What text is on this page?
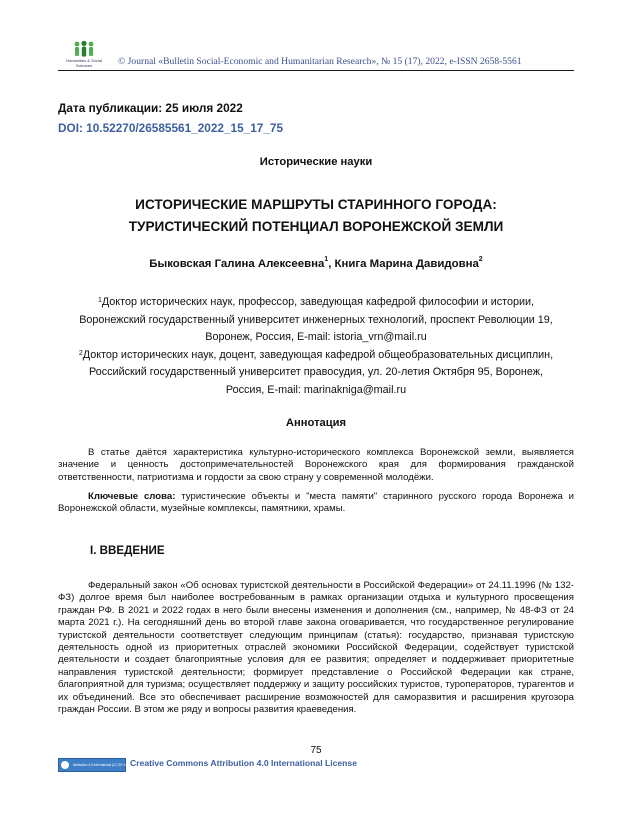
Humanities & Social
Sciences	© Journal «Bulletin Social-Economic and Humanitarian Research», № 15 (17), 2022, e-ISSN 2658-5561
Дата публикации: 25 июля 2022
DOI: 10.52270/26585561_2022_15_17_75
Исторические науки
ИСТОРИЧЕСКИЕ МАРШРУТЫ СТАРИННОГО ГОРОДА:
ТУРИСТИЧЕСКИЙ ПОТЕНЦИАЛ ВОРОНЕЖСКОЙ ЗЕМЛИ
Быковская Галина Алексеевна$^1$, Книга Марина Давидовна$^2$
$^1$Доктор исторических наук, профессор, заведующая кафедрой философии и истории,
Воронежский государственный университет инженерных технологий, проспект Революции 19,
Воронеж, Россия, E-mail: istoria_vrn@mail.ru
$^2$Доктор исторических наук, доцент, заведующая кафедрой общеобразовательных дисциплин,
Российский государственный университет правосудия, ул. 20-летия Октября 95, Воронеж,
Россия, E-mail: marinakniga@mail.ru
Аннотация
В статье даётся характеристика культурно-исторического комплекса Воронежской земли, выявляется значение и ценность достопримечательностей Воронежского края для формирования гражданской ответственности, патриотизма и гордости за свою страну у современной молодёжи.
Ключевые слова: туристические объекты и "места памяти" старинного русского города Воронежа и Воронежской области, музейные комплексы, памятники, храмы.
I. ВВЕДЕНИЕ
Федеральный закон «Об основах туристской деятельности в Российской Федерации» от 24.11.1996 (№ 132-ФЗ) долгое время был наиболее востребованным в рамках организации отдыха и культурного просвещения граждан РФ. В 2021 и 2022 годах в него были внесены изменения и дополнения (см., например, № 48-ФЗ от 24 марта 2021 г.). На сегодняшний день во второй главе закона оговаривается, что государственное регулирование туристской деятельности соответствует следующим принципам (статья): государство, признавая туристскую деятельность одной из приоритетных отраслей экономики Российской Федерации, содействует туристской деятельности и создает благоприятные условия для ее развития; определяет и поддерживает приоритетные направления туристской деятельности; формирует представление о Российской Федерации как стране, благоприятной для туризма; осуществляет поддержку и защиту российских туристов, туроператоров, турагентов и их объединений. Все это обеспечивает расширение возможностей для саморазвития и расширения кругозора граждан России. В этом же ряду и вопросы развития краеведения.
75
Attribution 4.0 International (CC BY 4.0) Creative Commons Attribution 4.0 International License
